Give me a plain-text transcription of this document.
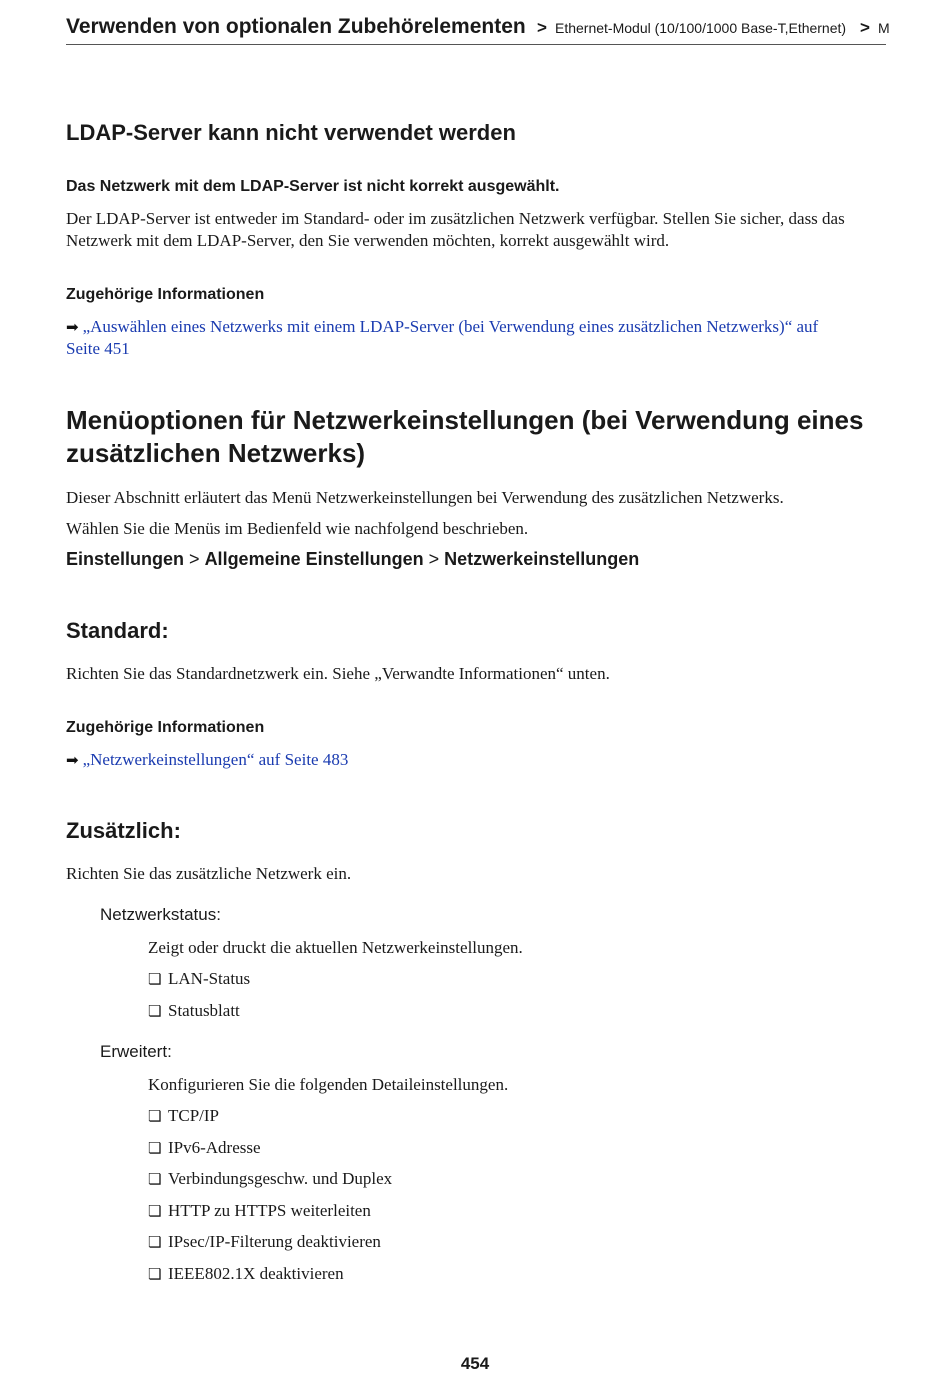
Verwenden von optionalen Zubehörelementen > Ethernet-Modul (10/100/1000 Base-T,Ethernet) > M
LDAP-Server kann nicht verwendet werden
Das Netzwerk mit dem LDAP-Server ist nicht korrekt ausgewählt.

Der LDAP-Server ist entweder im Standard- oder im zusätzlichen Netzwerk verfügbar. Stellen Sie sicher, dass das

Netzwerk mit dem LDAP-Server, den Sie verwenden möchten, korrekt ausgewählt wird.

Zugehörige Informationen
➡ „Auswählen eines Netzwerks mit einem LDAP-Server (bei Verwendung eines zusätzlichen Netzwerks)“ auf
Seite 451
Menüoptionen für Netzwerkeinstellungen (bei Verwendung eines
zusätzlichen Netzwerks)

Dieser Abschnitt erläutert das Menü Netzwerkeinstellungen bei Verwendung des zusätzlichen Netzwerks.

Wählen Sie die Menüs im Bedienfeld wie nachfolgend beschrieben.

Einstellungen > Allgemeine Einstellungen > Netzwerkeinstellungen
Standard:

Richten Sie das Standardnetzwerk ein. Siehe „Verwandte Informationen“ unten.

Zugehörige Informationen
➡ „Netzwerkeinstellungen“ auf Seite 483
Zusätzlich:

Richten Sie das zusätzliche Netzwerk ein.

Netzwerkstatus:

Zeigt oder druckt die aktuellen Netzwerkeinstellungen.

❏ LAN-Status
❏ Statusblatt
Erweitert:

Konfigurieren Sie die folgenden Detaileinstellungen.

❏ TCP/IP
❏ IPv6-Adresse
❏ Verbindungsgeschw. und Duplex
❏ HTTP zu HTTPS weiterleiten
❏ IPsec/IP-Filterung deaktivieren
❏ IEEE802.1X deaktivieren
454
